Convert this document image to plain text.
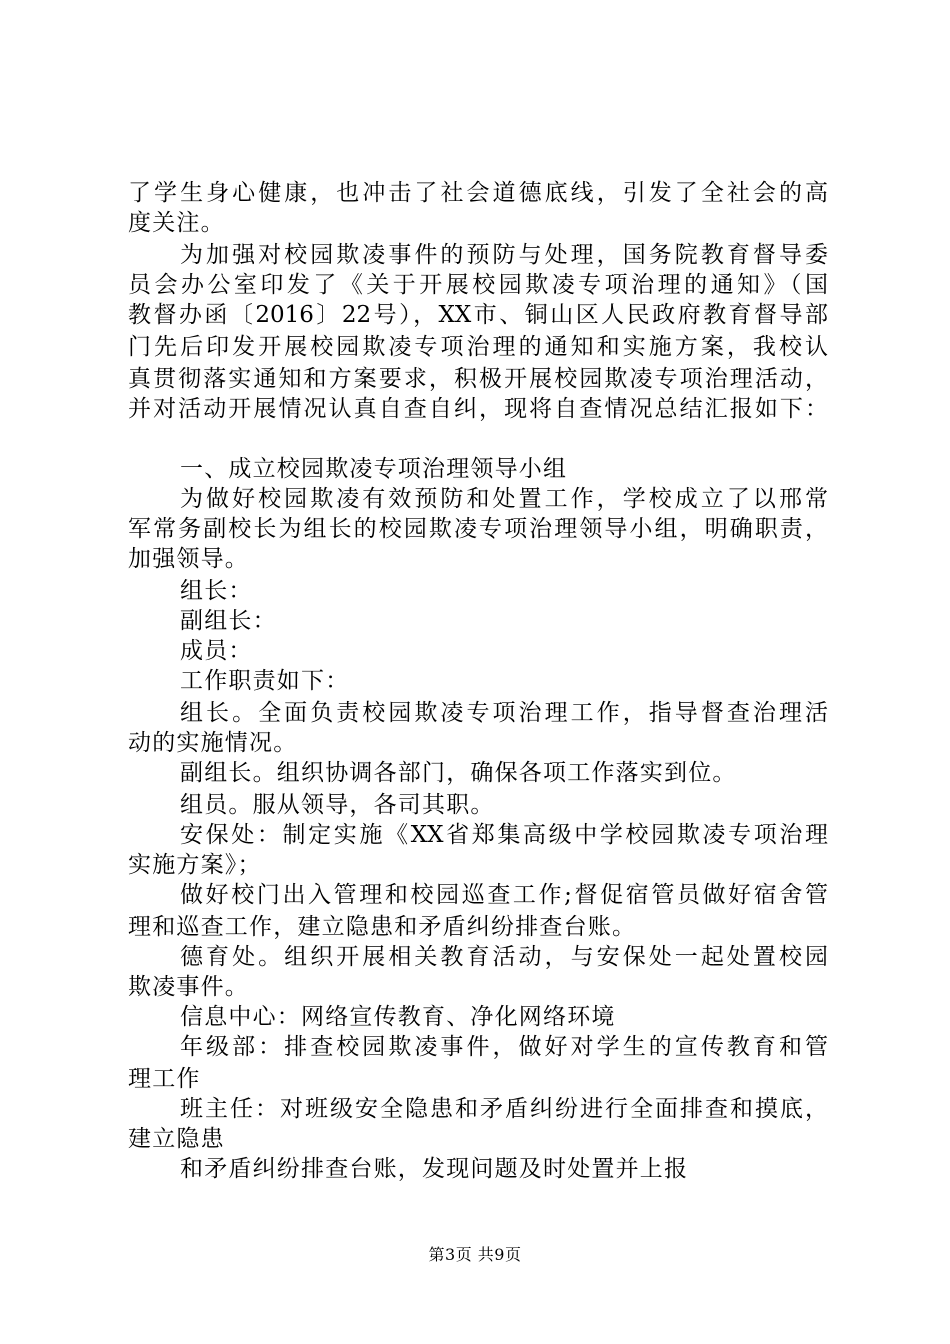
了学生身心健康，也冲击了社会道德底线，引发了全社会的高
度关注。
为加强对校园欺凌事件的预防与处理，国务院教育督导委
员会办公室印发了《关于开展校园欺凌专项治理的通知》（国
教督办函〔2016〕22号），XX市、铜山区人民政府教育督导部
门先后印发开展校园欺凌专项治理的通知和实施方案，我校认
真贯彻落实通知和方案要求，积极开展校园欺凌专项治理活动，
并对活动开展情况认真自查自纠，现将自查情况总结汇报如下：
一、成立校园欺凌专项治理领导小组
为做好校园欺凌有效预防和处置工作，学校成立了以邢常
军常务副校长为组长的校园欺凌专项治理领导小组，明确职责，
加强领导。
组长：
副组长：
成员：
工作职责如下：
组长。全面负责校园欺凌专项治理工作，指导督查治理活
动的实施情况。
副组长。组织协调各部门，确保各项工作落实到位。
组员。服从领导，各司其职。
安保处：制定实施《XX省郑集高级中学校园欺凌专项治理
实施方案》；
做好校门出入管理和校园巡查工作;督促宿管员做好宿舍管
理和巡查工作，建立隐患和矛盾纠纷排查台账。
德育处。组织开展相关教育活动，与安保处一起处置校园
欺凌事件。
信息中心：网络宣传教育、净化网络环境
年级部：排查校园欺凌事件，做好对学生的宣传教育和管
理工作
班主任：对班级安全隐患和矛盾纠纷进行全面排查和摸底，
建立隐患
和矛盾纠纷排查台账，发现问题及时处置并上报
第3页 共9页
